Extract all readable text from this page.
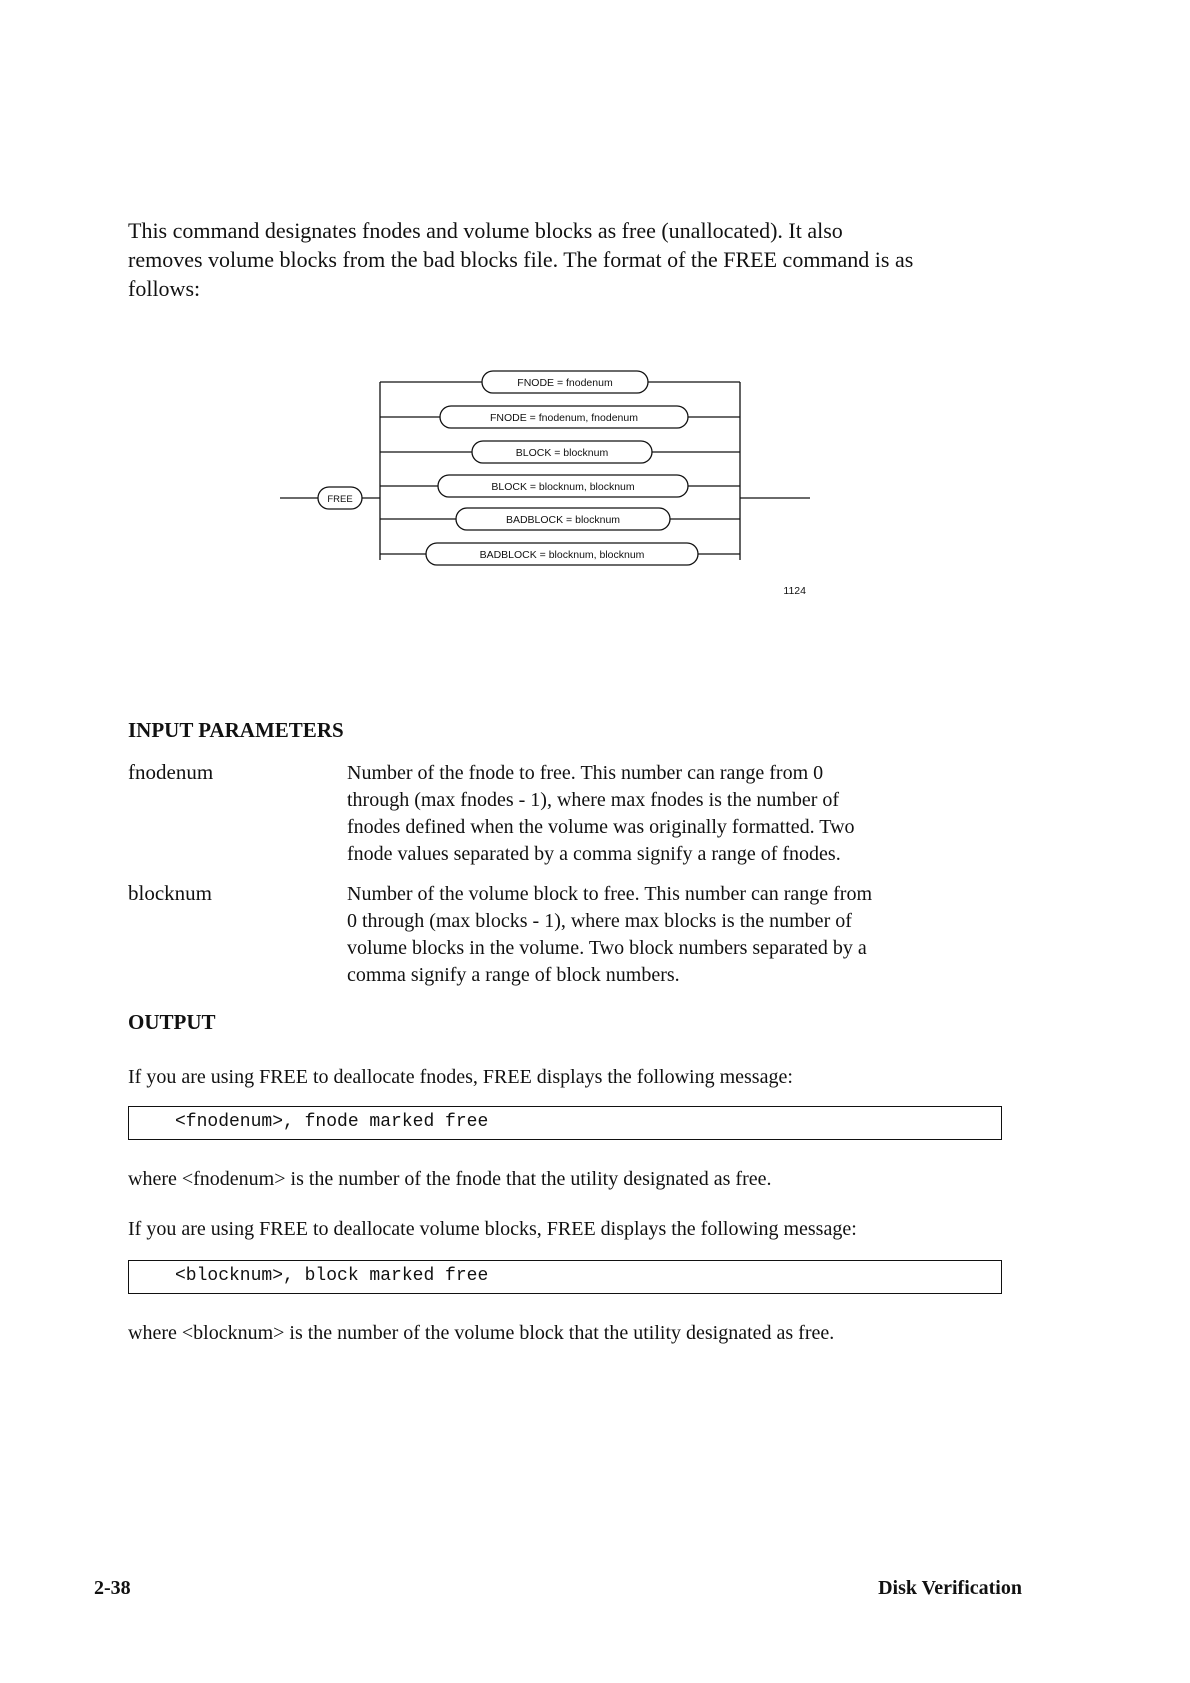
This command designates fnodes and volume blocks as free (unallocated). It also

removes volume blocks from the bad blocks file. The format of the FREE command is as

follows:

FREE
FNODE = fnodenum
FNODE = fnodenum, fnodenum
BLOCK = blocknum
BLOCK = blocknum, blocknum
BADBLOCK = blocknum
BADBLOCK = blocknum, blocknum
1124
INPUT PARAMETERS
fnodenum	Number of the fnode to free. This number can range from 0

through (max fnodes - 1), where max fnodes is the number of

fnodes defined when the volume was originally formatted. Two

fnode values separated by a comma signify a range of fnodes.

blocknum	Number of the volume block to free. This number can range from

0 through (max blocks - 1), where max blocks is the number of

volume blocks in the volume. Two block numbers separated by a

comma signify a range of block numbers.

OUTPUT
If you are using FREE to deallocate fnodes, FREE displays the following message:
<fnodenum>, fnode marked free
where <fnodenum> is the number of the fnode that the utility designated as free.
If you are using FREE to deallocate volume blocks, FREE displays the following message:
<blocknum>, block marked free
where <blocknum> is the number of the volume block that the utility designated as free.
2-38	Disk Verification
